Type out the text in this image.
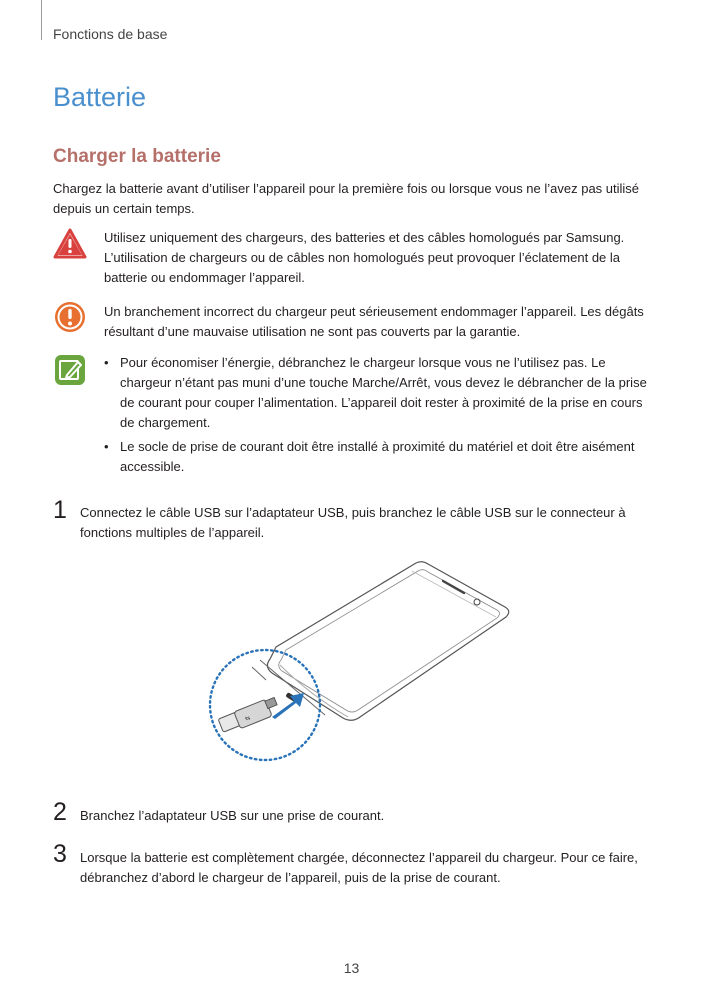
Fonctions de base
Batterie
Charger la batterie
Chargez la batterie avant d’utiliser l’appareil pour la première fois ou lorsque vous ne l’avez pas utilisé depuis un certain temps.
Utilisez uniquement des chargeurs, des batteries et des câbles homologués par Samsung. L’utilisation de chargeurs ou de câbles non homologués peut provoquer l’éclatement de la batterie ou endommager l’appareil.
Un branchement incorrect du chargeur peut sérieusement endommager l’appareil. Les dégâts résultant d’une mauvaise utilisation ne sont pas couverts par la garantie.
• Pour économiser l’énergie, débranchez le chargeur lorsque vous ne l’utilisez pas. Le chargeur n’étant pas muni d’une touche Marche/Arrêt, vous devez le débrancher de la prise de courant pour couper l’alimentation. L’appareil doit rester à proximité de la prise en cours de chargement.
• Le socle de prise de courant doit être installé à proximité du matériel et doit être aisément accessible.
1 Connectez le câble USB sur l’adaptateur USB, puis branchez le câble USB sur le connecteur à fonctions multiples de l’appareil.
⇆
2 Branchez l’adaptateur USB sur une prise de courant.
3 Lorsque la batterie est complètement chargée, déconnectez l’appareil du chargeur. Pour ce faire, débranchez d’abord le chargeur de l’appareil, puis de la prise de courant.
13
